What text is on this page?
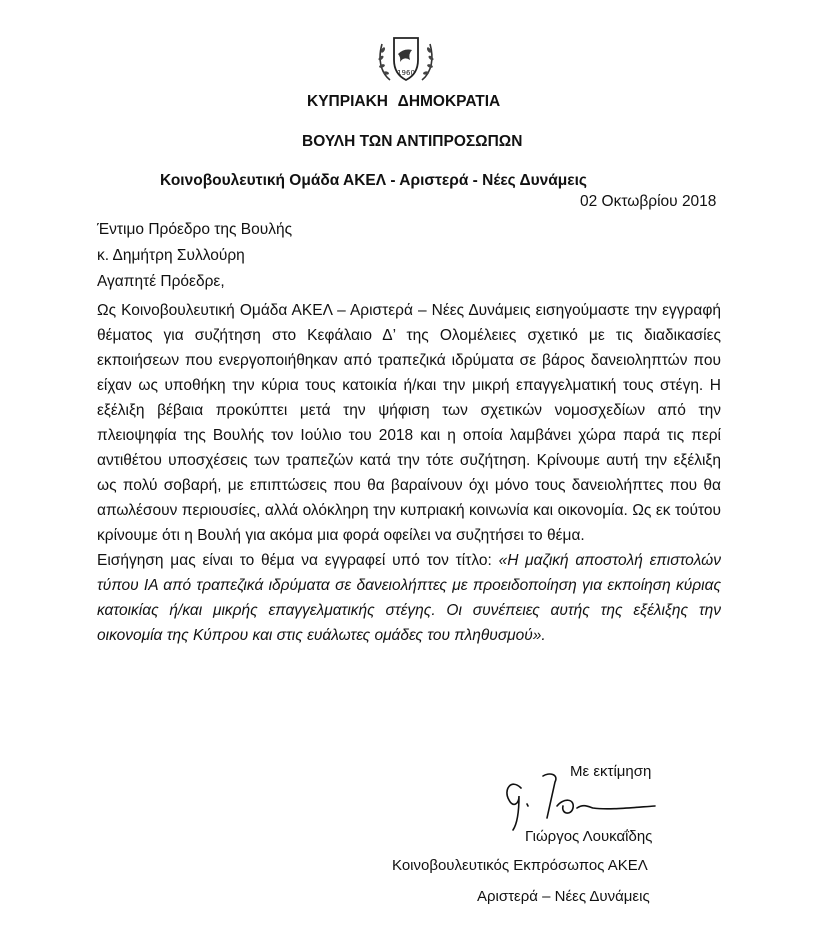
1960
ΚΥΠΡΙΑΚΗ ΔΗΜΟΚΡΑΤΙΑ
ΒΟΥΛΗ ΤΩΝ ΑΝΤΙΠΡΟΣΩΠΩΝ
Κοινοβουλευτική Ομάδα ΑΚΕΛ - Αριστερά - Νέες Δυνάμεις
02 Οκτωβρίου 2018
Έντιμο Πρόεδρο της Βουλής
κ. Δημήτρη Συλλούρη
Αγαπητέ Πρόεδρε,

Ως Κοινοβουλευτική Ομάδα ΑΚΕΛ – Αριστερά – Νέες Δυνάμεις εισηγούμαστε την εγγραφή θέματος για συζήτηση στο Κεφάλαιο Δ’ της Ολομέλειες σχετικό με τις διαδικασίες εκποιήσεων που ενεργοποιήθηκαν από τραπεζικά ιδρύματα σε βάρος δανειοληπτών που είχαν ως υποθήκη την κύρια τους κατοικία ή/και την μικρή επαγγελματική τους στέγη. Η εξέλιξη βέβαια προκύπτει μετά την ψήφιση των σχετικών νομοσχεδίων από την πλειοψηφία της Βουλής τον Ιούλιο του 2018 και η οποία λαμβάνει χώρα παρά τις περί αντιθέτου υποσχέσεις των τραπεζών κατά την τότε συζήτηση. Κρίνουμε αυτή την εξέλιξη ως πολύ σοβαρή, με επιπτώσεις που θα βαραίνουν όχι μόνο τους δανειολήπτες που θα απωλέσουν περιουσίες, αλλά ολόκληρη την κυπριακή κοινωνία και οικονομία. Ως εκ τούτου κρίνουμε ότι η Βουλή για ακόμα μια φορά οφείλει να συζητήσει το θέμα.

Εισήγηση μας είναι το θέμα να εγγραφεί υπό τον τίτλο: «Η μαζική αποστολή επιστολών τύπου ΙΑ από τραπεζικά ιδρύματα σε δανειολήπτες με προειδοποίηση για εκποίηση κύριας κατοικίας ή/και μικρής επαγγελματικής στέγης. Οι συνέπειες αυτής της εξέλιξης την οικονομία της Κύπρου και στις ευάλωτες ομάδες του πληθυσμού».

Με εκτίμηση
Γιώργος Λουκαΐδης
Κοινοβουλευτικός Εκπρόσωπος ΑΚΕΛ
Αριστερά – Νέες Δυνάμεις
